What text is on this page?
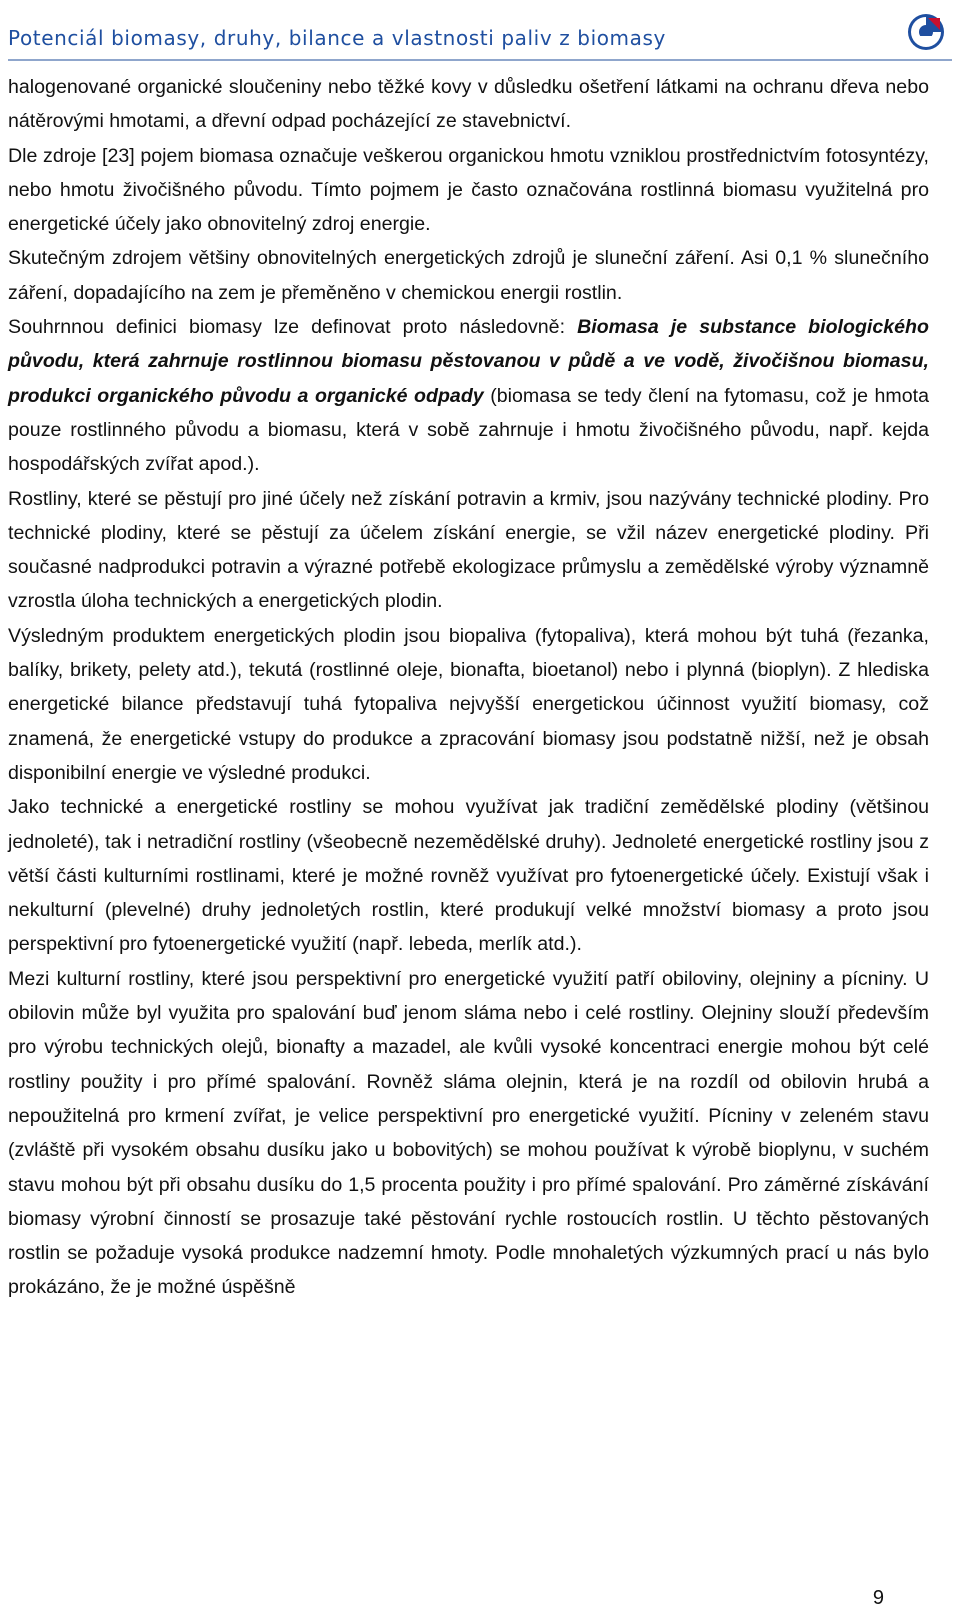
Potenciál biomasy, druhy, bilance a vlastnosti paliv z biomasy

halogenované organické sloučeniny nebo těžké kovy v důsledku ošetření látkami na ochranu dřeva nebo nátěrovými hmotami, a dřevní odpad pocházející ze stavebnictví.

Dle zdroje [23] pojem biomasa označuje veškerou organickou hmotu vzniklou prostřednictvím fotosyntézy, nebo hmotu živočišného původu. Tímto pojmem je často označována rostlinná biomasu využitelná pro energetické účely jako obnovitelný zdroj energie.

Skutečným zdrojem většiny obnovitelných energetických zdrojů je sluneční záření. Asi 0,1 % slunečního záření, dopadajícího na zem je přeměněno v chemickou energii rostlin.

Souhrnnou definici biomasy lze definovat proto následovně: Biomasa je substance biologického původu, která zahrnuje rostlinnou biomasu pěstovanou v půdě a ve vodě, živočišnou biomasu, produkci organického původu a organické odpady (biomasa se tedy člení na fytomasu, což je hmota pouze rostlinného původu a biomasu, která v sobě zahrnuje i hmotu živočišného původu, např. kejda hospodářských zvířat apod.).

Rostliny, které se pěstují pro jiné účely než získání potravin a krmiv, jsou nazývány technické plodiny. Pro technické plodiny, které se pěstují za účelem získání energie, se vžil název energetické plodiny. Při současné nadprodukci potravin a výrazné potřebě ekologizace průmyslu a zemědělské výroby významně vzrostla úloha technických a energetických plodin.

Výsledným produktem energetických plodin jsou biopaliva (fytopaliva), která mohou být tuhá (řezanka, balíky, brikety, pelety atd.), tekutá (rostlinné oleje, bionafta, bioetanol) nebo i plynná (bioplyn). Z hlediska energetické bilance představují tuhá fytopaliva nejvyšší energetickou účinnost využití biomasy, což znamená, že energetické vstupy do produkce a zpracování biomasy jsou podstatně nižší, než je obsah disponibilní energie ve výsledné produkci.

Jako technické a energetické rostliny se mohou využívat jak tradiční zemědělské plodiny (většinou jednoleté), tak i netradiční rostliny (všeobecně nezemědělské druhy). Jednoleté energetické rostliny jsou z větší části kulturními rostlinami, které je možné rovněž využívat pro fytoenergetické účely. Existují však i nekulturní (plevelné) druhy jednoletých rostlin, které produkují velké množství biomasy a proto jsou perspektivní pro fytoenergetické využití (např. lebeda, merlík atd.).

Mezi kulturní rostliny, které jsou perspektivní pro energetické využití patří obiloviny, olejniny a pícniny. U obilovin může byl využita pro spalování buď jenom sláma nebo i celé rostliny. Olejniny slouží především pro výrobu technických olejů, bionafty a mazadel, ale kvůli vysoké koncentraci energie mohou být celé rostliny použity i pro přímé spalování. Rovněž sláma olejnin, která je na rozdíl od obilovin hrubá a nepoužitelná pro krmení zvířat, je velice perspektivní pro energetické využití. Pícniny v zeleném stavu (zvláště při vysokém obsahu dusíku jako u bobovitých) se mohou používat k výrobě bioplynu, v suchém stavu mohou být při obsahu dusíku do 1,5 procenta použity i pro přímé spalování. Pro záměrné získávání biomasy výrobní činností se prosazuje také pěstování rychle rostoucích rostlin. U těchto pěstovaných rostlin se požaduje vysoká produkce nadzemní hmoty. Podle mnohaletých výzkumných prací u nás bylo prokázáno, že je možné úspěšně

9
